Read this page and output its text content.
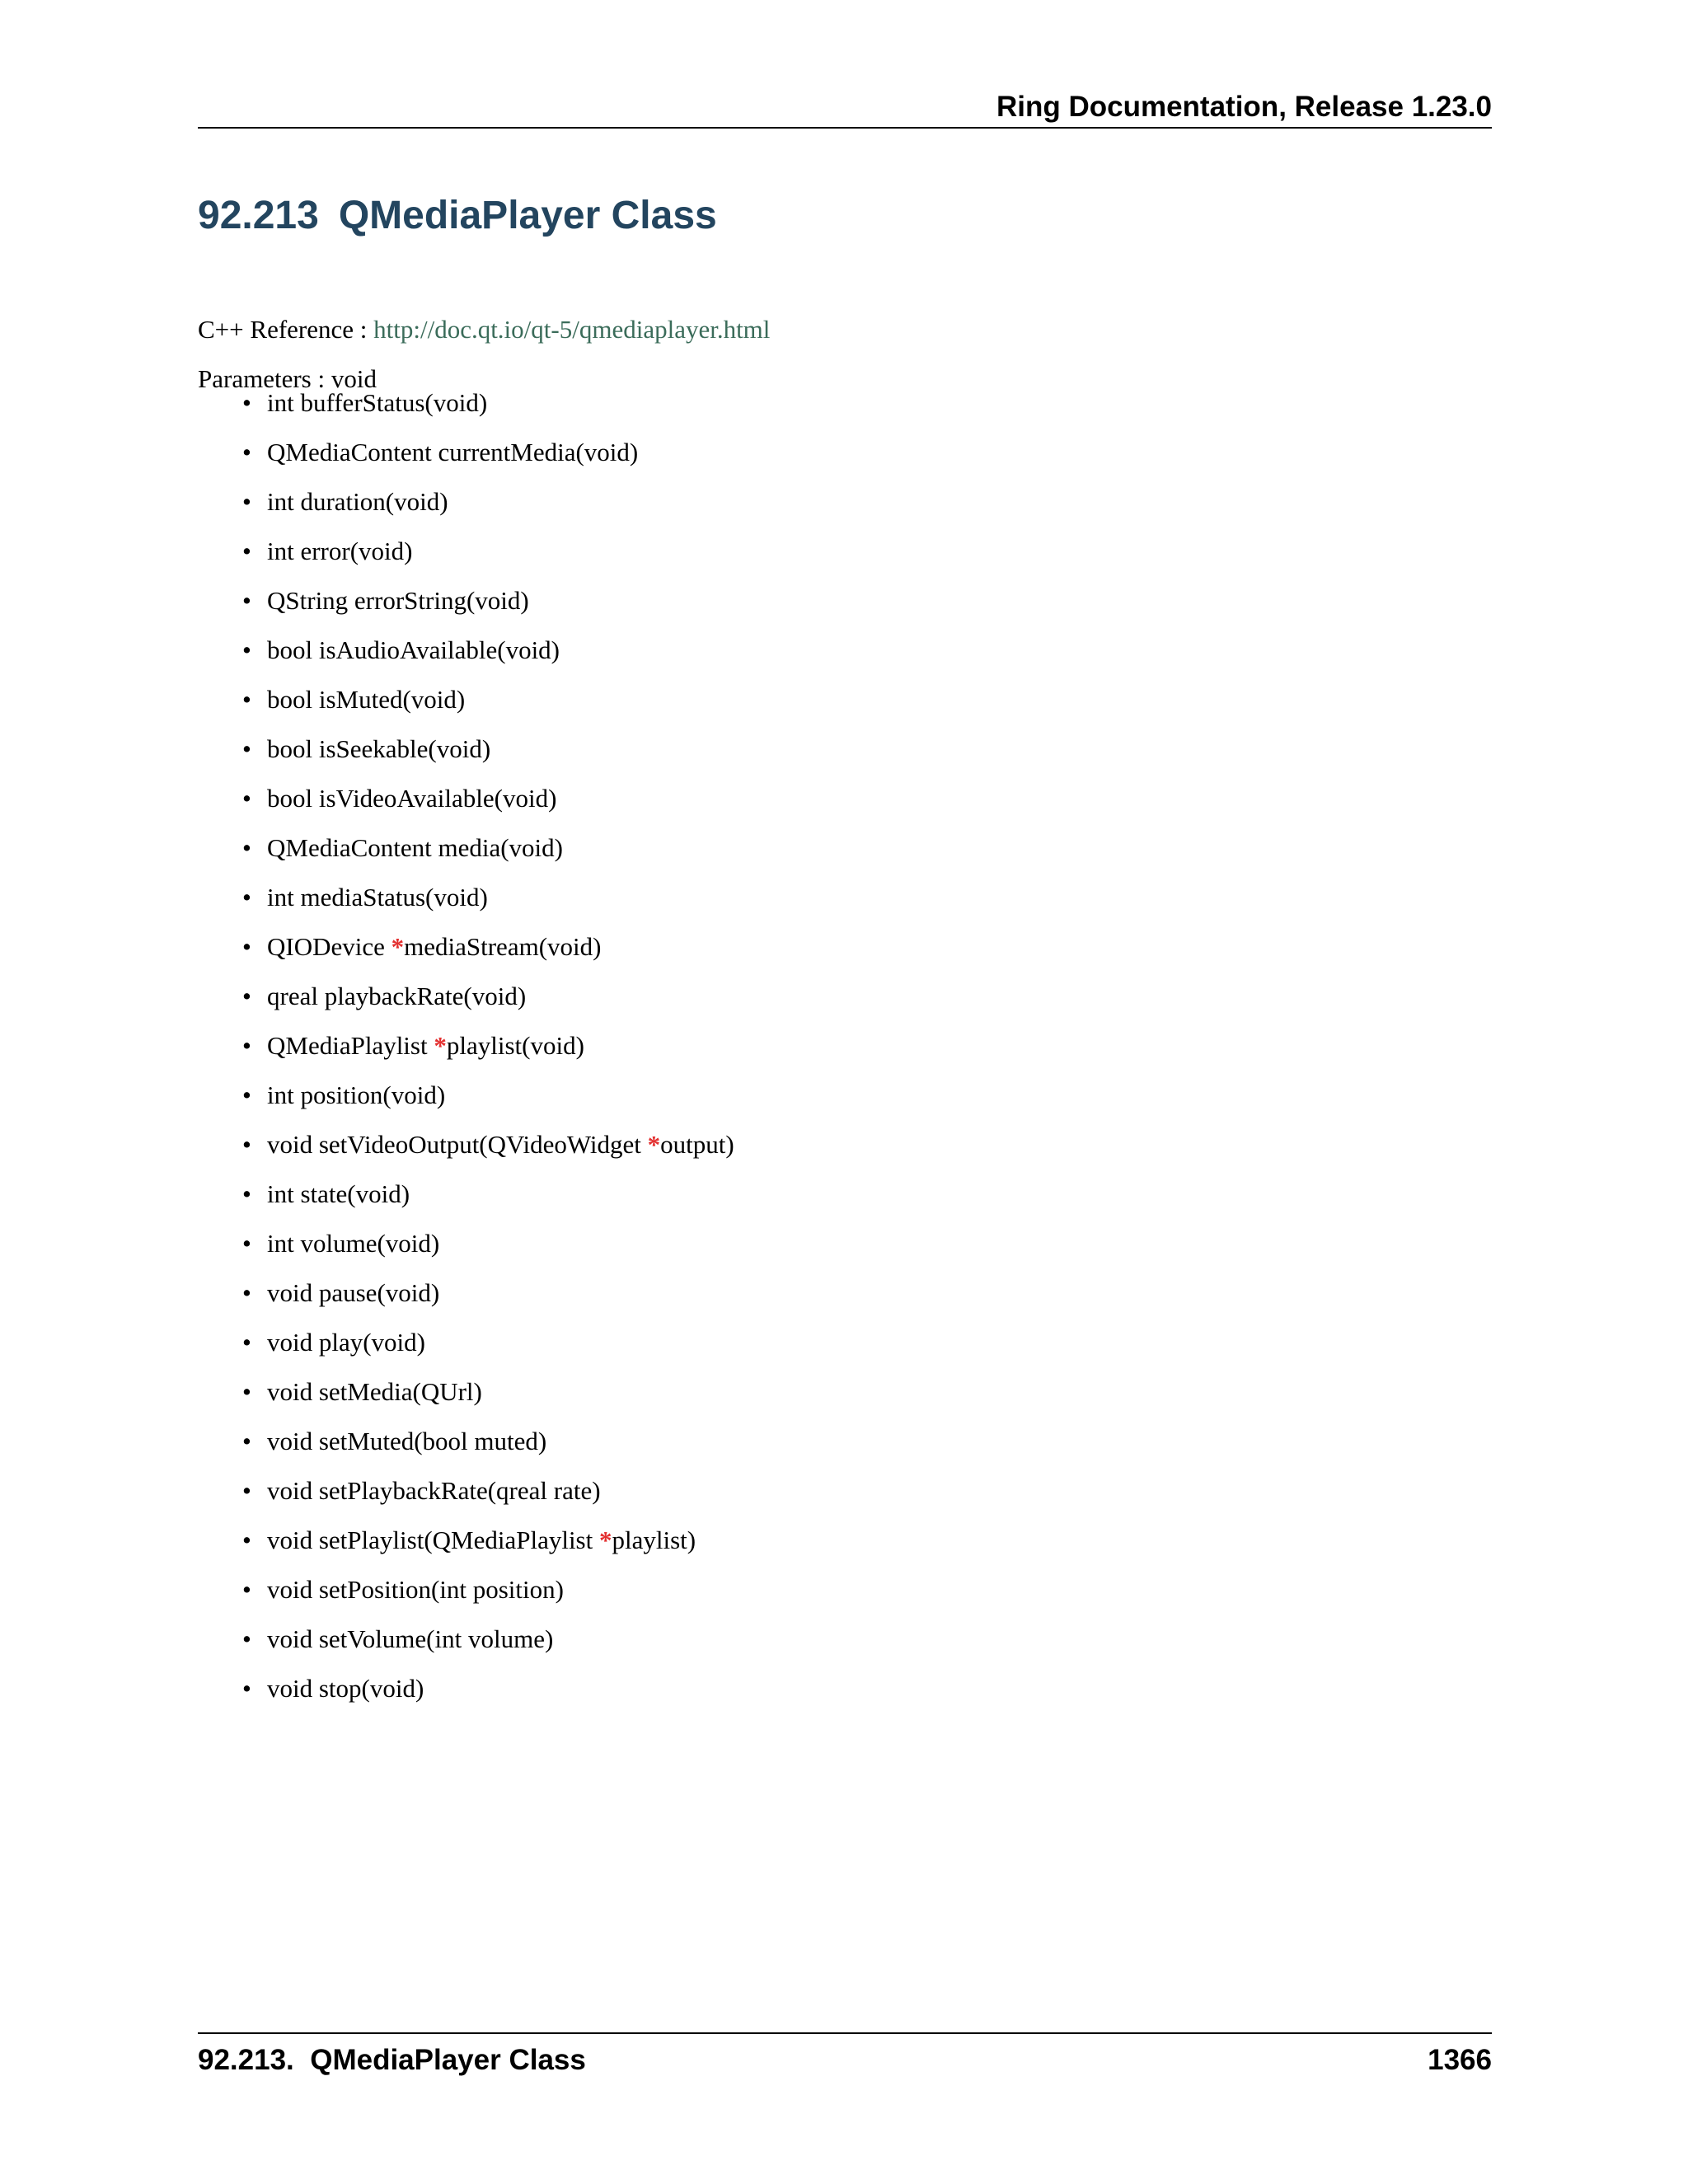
Ring Documentation, Release 1.23.0
92.213 QMediaPlayer Class

C++ Reference : http://doc.qt.io/qt-5/qmediaplayer.html

Parameters : void

• int bufferStatus(void)
• QMediaContent currentMedia(void)
• int duration(void)
• int error(void)
• QString errorString(void)
• bool isAudioAvailable(void)
• bool isMuted(void)
• bool isSeekable(void)
• bool isVideoAvailable(void)
• QMediaContent media(void)
• int mediaStatus(void)
• QIODevice *mediaStream(void)
• qreal playbackRate(void)
• QMediaPlaylist *playlist(void)
• int position(void)
• void setVideoOutput(QVideoWidget *output)
• int state(void)
• int volume(void)
• void pause(void)
• void play(void)
• void setMedia(QUrl)
• void setMuted(bool muted)
• void setPlaybackRate(qreal rate)
• void setPlaylist(QMediaPlaylist *playlist)
• void setPosition(int position)
• void setVolume(int volume)
• void stop(void)
92.213.  QMediaPlayer Class	1366
